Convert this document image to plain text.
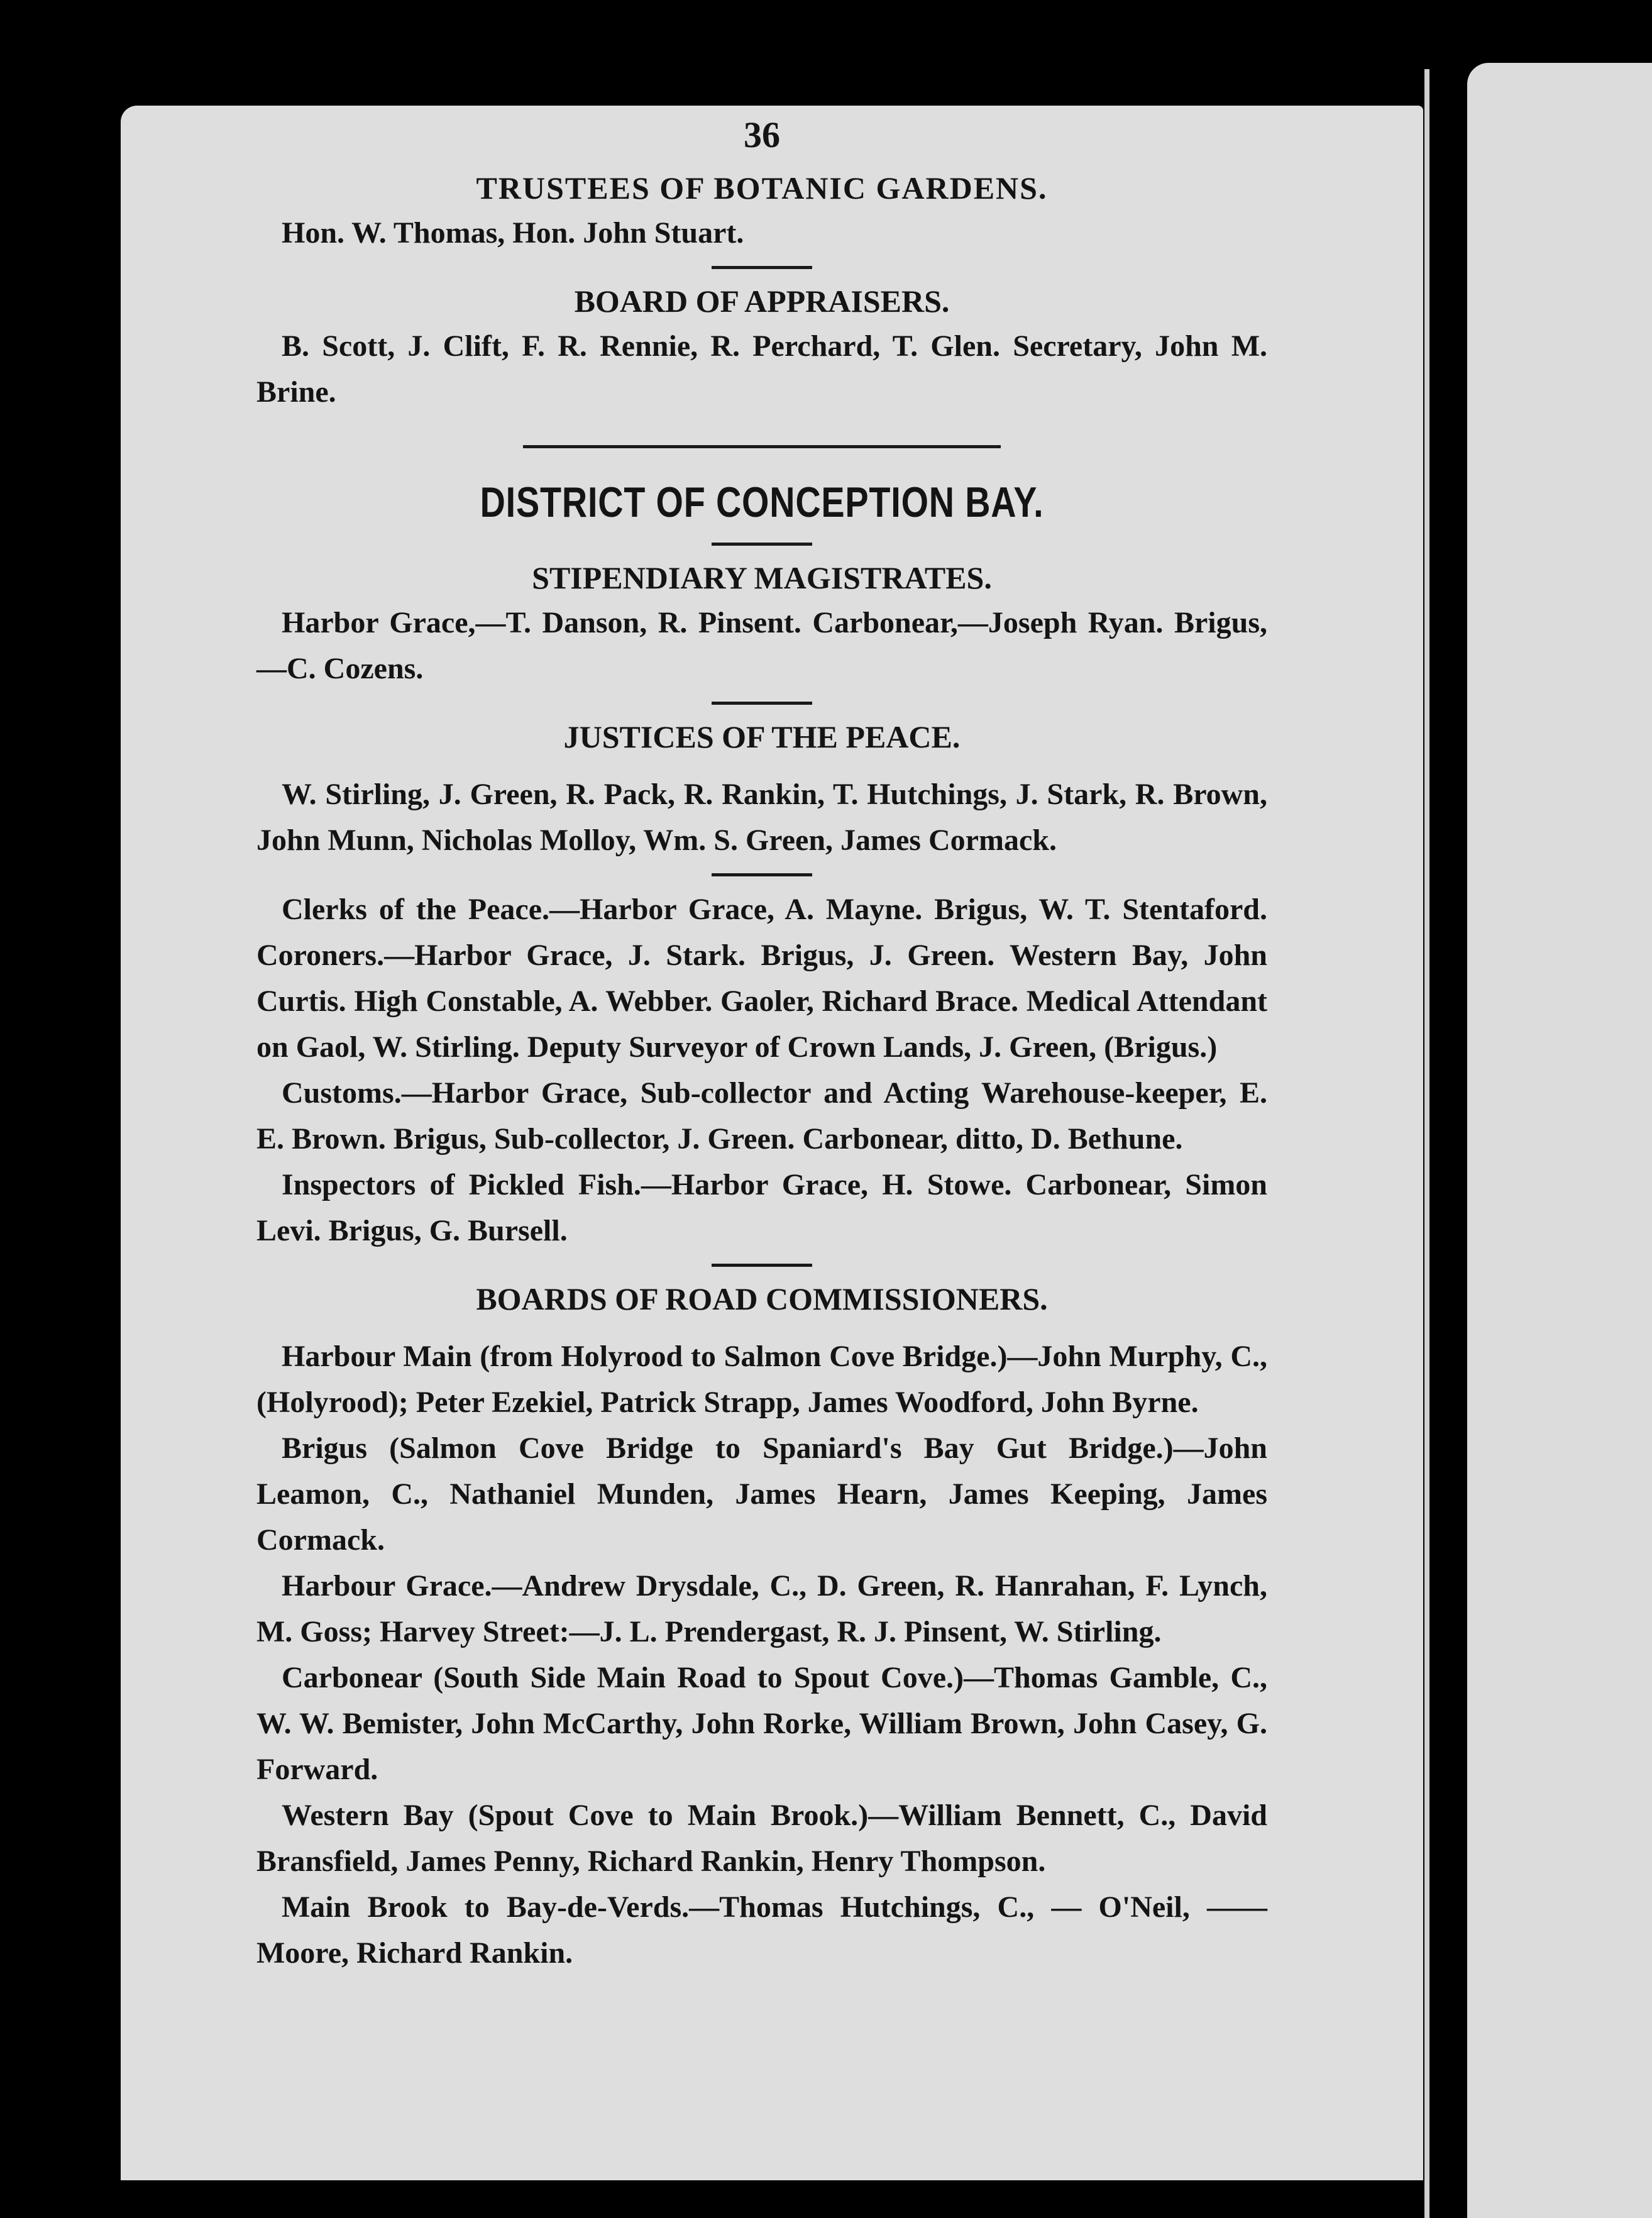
36
TRUSTEES OF BOTANIC GARDENS.
Hon. W. Thomas, Hon. John Stuart.
BOARD OF APPRAISERS.
B. Scott, J. Clift, F. R. Rennie, R. Perchard, T. Glen. Secretary, John M. Brine.
DISTRICT OF CONCEPTION BAY.
STIPENDIARY MAGISTRATES.
Harbor Grace,—T. Danson, R. Pinsent. Carbonear,—Joseph Ryan. Brigus,—C. Cozens.
JUSTICES OF THE PEACE.
W. Stirling, J. Green, R. Pack, R. Rankin, T. Hutchings, J. Stark, R. Brown, John Munn, Nicholas Molloy, Wm. S. Green, James Cormack.
Clerks of the Peace.—Harbor Grace, A. Mayne. Brigus, W. T. Stentaford. Coroners.—Harbor Grace, J. Stark. Brigus, J. Green. Western Bay, John Curtis. High Constable, A. Webber. Gaoler, Richard Brace. Medical Attendant on Gaol, W. Stirling. Deputy Surveyor of Crown Lands, J. Green, (Brigus.)
Customs.—Harbor Grace, Sub-collector and Acting Warehouse-keeper, E. E. Brown. Brigus, Sub-collector, J. Green. Carbonear, ditto, D. Bethune.
Inspectors of Pickled Fish.—Harbor Grace, H. Stowe. Carbonear, Simon Levi. Brigus, G. Bursell.
BOARDS OF ROAD COMMISSIONERS.
Harbour Main (from Holyrood to Salmon Cove Bridge.)—John Murphy, C., (Holyrood); Peter Ezekiel, Patrick Strapp, James Woodford, John Byrne.
Brigus (Salmon Cove Bridge to Spaniard's Bay Gut Bridge.)—John Leamon, C., Nathaniel Munden, James Hearn, James Keeping, James Cormack.
Harbour Grace.—Andrew Drysdale, C., D. Green, R. Hanrahan, F. Lynch, M. Goss; Harvey Street:—J. L. Prendergast, R. J. Pinsent, W. Stirling.
Carbonear (South Side Main Road to Spout Cove.)—Thomas Gamble, C., W. W. Bemister, John McCarthy, John Rorke, William Brown, John Casey, G. Forward.
Western Bay (Spout Cove to Main Brook.)—William Bennett, C., David Bransfield, James Penny, Richard Rankin, Henry Thompson.
Main Brook to Bay-de-Verds.—Thomas Hutchings, C., — O'Neil, —— Moore, Richard Rankin.
